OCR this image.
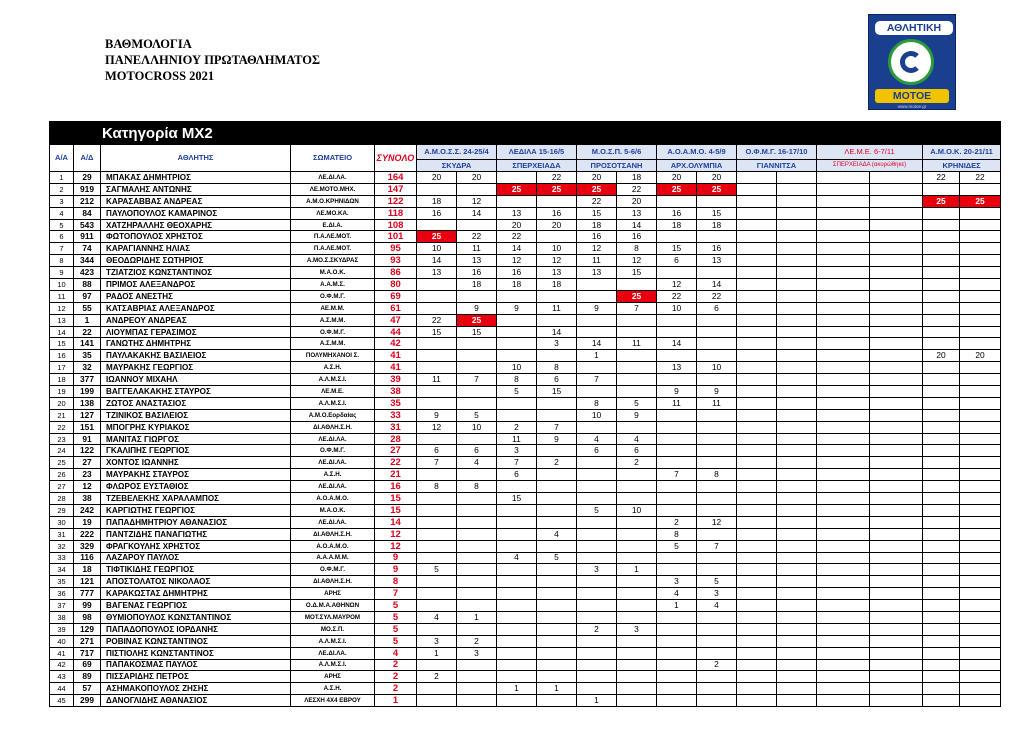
ΒΑΘΜΟΛΟΓΙΑ
ΠΑΝΕΛΛΗΝΙΟΥ ΠΡΩΤΑΘΛΗΜΑΤΟΣ
MOTOCROSS 2021
ΑΘΛΗΤΙΚΗ
ΜΟΤΟΕ
www.motoe.gr
Κατηγορία MX2																		
Α/Α	Α/Δ	ΑΘΛΗΤΗΣ	ΣΩΜΑΤΕΙΟ	ΣΥΝΟΛΟ	Α.Μ.Ο.Σ.Σ. 24-25/4		ΛΕΔΙΛΑ 15-16/5		Μ.Ο.Σ.Π. 5-6/6		Α.Ο.Α.Μ.Ο. 4-5/9		Ο.Φ.Μ.Γ. 16-17/10		ΛΕ.Μ.Ε. 6-7/11		Α.Μ.Ο.Κ. 20-21/11	
					ΣΚΥΔΡΑ		ΣΠΕΡΧΕΙΑΔΑ		ΠΡΟΣΟΤΣΑΝΗ		ΑΡΧ.ΟΛΥΜΠΙΑ		ΓΙΑΝΝΙΤΣΑ		ΣΠΕΡΧΕΙΑΔΑ (ακυρώθηκε)		ΚΡΗΝΙΔΕΣ	
1	29	ΜΠΑΚΑΣ ΔΗΜΗΤΡΙΟΣ	ΛΕ.ΔΙ.ΛΑ.	164	20	20		22	20	18	20	20					22	22
2	919	ΣΑΓΜΑΛΗΣ ΑΝΤΩΝΗΣ	ΛΕ.ΜΟΤΟ.ΜΗΧ.	147			25	25	25	22	25	25						
3	212	ΚΑΡΑΣΑΒΒΑΣ ΑΝΔΡΕΑΣ	Α.Μ.Ο.ΚΡΗΝΙΔΩΝ	122	18	12			22	20							25	25
4	84	ΠΑΥΛΟΠΟΥΛΟΣ ΚΑΜΑΡΙΝΟΣ	ΛΕ.ΜΟ.ΚΑ.	118	16	14	13	16	15	13	16	15						
5	543	ΧΑΤΖΗΡΑΛΛΗΣ ΘΕΟΧΑΡΗΣ	Ε.ΔΙ.Α.	108			20	20	18	14	18	18						
6	911	ΦΩΤΟΠΟΥΛΟΣ ΧΡΗΣΤΟΣ	Π.Α.ΛΕ.ΜΟΤ.	101	25	22	22		16	16								
7	74	ΚΑΡΑΓΙΑΝΝΗΣ ΗΛΙΑΣ	Π.Α.ΛΕ.ΜΟΤ.	95	10	11	14	10	12	8	15	16						
8	344	ΘΕΟΔΩΡΙΔΗΣ ΣΩΤΗΡΙΟΣ	Α.ΜΟ.Σ.ΣΚΥΔΡΑΣ	93	14	13	12	12	11	12	6	13						
9	423	ΤΖΙΑΤΖΙΟΣ ΚΩΝΣΤΑΝΤΙΝΟΣ	Μ.Α.Ο.Κ.	86	13	16	16	13	13	15								
10	88	ΠΡΙΜΟΣ ΑΛΕΞΑΝΔΡΟΣ	Α.Α.Μ.Σ.	80		18	18	18			12	14						
11	97	ΡΑΔΟΣ ΑΝΕΣΤΗΣ	Ο.Φ.Μ.Γ.	69						25	22	22						
12	55	ΚΑΤΣΑΒΡΙΑΣ ΑΛΕΞΑΝΔΡΟΣ	ΑΕ.Μ.Μ.	61		9	9	11	9	7	10	6						
13	1	ΑΝΔΡΕΟΥ ΑΝΔΡΕΑΣ	Α.Σ.Μ.Μ.	47	22	25												
14	22	ΛΙΟΥΜΠΑΣ ΓΕΡΑΣΙΜΟΣ	Ο.Φ.Μ.Γ.	44	15	15		14										
15	141	ΓΑΝΩΤΗΣ ΔΗΜΗΤΡΗΣ	Α.Σ.Μ.Μ.	42				3	14	11	14							
16	35	ΠΑΥΛΑΚΑΚΗΣ ΒΑΣΙΛΕΙΟΣ	ΠΟΛΥΜΗΧΑΝΟΙ Σ.	41					1								20	20
17	32	ΜΑΥΡΑΚΗΣ ΓΕΩΡΓΙΟΣ	Α.Σ.Η.	41			10	8			13	10						
18	377	ΙΩΑΝΝΟΥ ΜΙΧΑΗΛ	Α.Λ.Μ.Σ.Ι.	39	11	7	8	6	7									
19	199	ΒΑΓΓΕΛΑΚΑΚΗΣ ΣΤΑΥΡΟΣ	ΛΕ.Μ.Ε.	38			5	15			9	9						
20	138	ΖΩΤΟΣ ΑΝΑΣΤΑΣΙΟΣ	Α.Λ.Μ.Σ.Ι.	35					8	5	11	11						
21	127	ΤΖΙΝΙΚΟΣ ΒΑΣΙΛΕΙΟΣ	Α.Μ.Ο.Εορδαίας	33	9	5			10	9								
22	151	ΜΠΟΓΡΗΣ ΚΥΡΙΑΚΟΣ	ΔΙ.ΑΘΛΗ.Σ.Η.	31	12	10	2	7										
23	91	ΜΑΝΙΤΑΣ ΓΙΩΡΓΟΣ	ΛΕ.ΔΙ.ΛΑ.	28			11	9	4	4								
24	122	ΓΚΑΛΙΠΗΣ ΓΕΩΡΓΙΟΣ	Ο.Φ.Μ.Γ.	27	6	6	3		6	6								
25	27	ΧΟΝΤΟΣ ΙΩΑΝΝΗΣ	ΛΕ.ΔΙ.ΛΑ.	22	7	4	7	2		2								
26	23	ΜΑΥΡΑΚΗΣ ΣΤΑΥΡΟΣ	Α.Σ.Η.	21			6				7	8						
27	12	ΦΛΩΡΟΣ ΕΥΣΤΑΘΙΟΣ	ΛΕ.ΔΙ.ΛΑ.	16	8	8												
28	38	ΤΖΕΒΕΛΕΚΗΣ ΧΑΡΑΛΑΜΠΟΣ	Α.Ο.Α.Μ.Ο.	15			15											
29	242	ΚΑΡΓΙΩΤΗΣ ΓΕΩΡΓΙΟΣ	Μ.Α.Ο.Κ.	15					5	10								
30	19	ΠΑΠΑΔΗΜΗΤΡΙΟΥ ΑΘΑΝΑΣΙΟΣ	ΛΕ.ΔΙ.ΛΑ.	14							2	12						
31	222	ΠΑΝΤΖΙΔΗΣ ΠΑΝΑΓΙΩΤΗΣ	ΔΙ.ΑΘΛΗ.Σ.Η.	12				4			8							
32	329	ΦΡΑΓΚΟΥΛΗΣ ΧΡΗΣΤΟΣ	Α.Ο.Α.Μ.Ο.	12							5	7						
33	116	ΛΑΖΑΡΟΥ ΠΑΥΛΟΣ	Α.Α.Α.Μ.Μ.	9			4	5										
34	18	ΤΙΦΤΙΚΙΔΗΣ ΓΕΩΡΓΙΟΣ	Ο.Φ.Μ.Γ.	9	5				3	1								
35	121	ΑΠΟΣΤΟΛΑΤΟΣ ΝΙΚΟΛΑΟΣ	ΔΙ.ΑΘΛΗ.Σ.Η.	8							3	5						
36	777	ΚΑΡΑΚΩΣΤΑΣ ΔΗΜΗΤΡΗΣ	ΑΡΗΣ	7							4	3						
37	99	ΒΑΓΕΝΑΣ ΓΕΩΡΓΙΟΣ	Ο.Δ.Μ.Α.ΑΘΗΝΩΝ	5							1	4						
38	98	ΘΥΜΙΟΠΟΥΛΟΣ ΚΩΝΣΤΑΝΤΙΝΟΣ	ΜΟΤ.ΣΥΛ.ΜΑΥΡΟΜ	5	4	1												
39	129	ΠΑΠΑΔΟΠΟΥΛΟΣ ΙΟΡΔΑΝΗΣ	ΜΟ.Σ.Π.	5					2	3								
40	271	ΡΟΒΙΝΑΣ ΚΩΝΣΤΑΝΤΙΝΟΣ	Α.Λ.Μ.Σ.Ι.	5	3	2												
41	717	ΠΙΣΤΙΟΛΗΣ ΚΩΝΣΤΑΝΤΙΝΟΣ	ΛΕ.ΔΙ.ΛΑ.	4	1	3												
42	69	ΠΑΠΑΚΟΣΜΑΣ ΠΑΥΛΟΣ	Α.Λ.Μ.Σ.Ι.	2								2						
43	89	ΠΙΣΣΑΡΙΔΗΣ ΠΕΤΡΟΣ	ΑΡΗΣ	2	2													
44	57	ΑΣΗΜΑΚΟΠΟΥΛΟΣ ΖΗΣΗΣ	Α.Σ.Η.	2			1	1										
45	299	ΔΑΝΟΓΛΙΔΗΣ ΑΘΑΝΑΣΙΟΣ	ΛΕΣΧΗ 4Χ4 ΕΒΡΟΥ	1					1									
